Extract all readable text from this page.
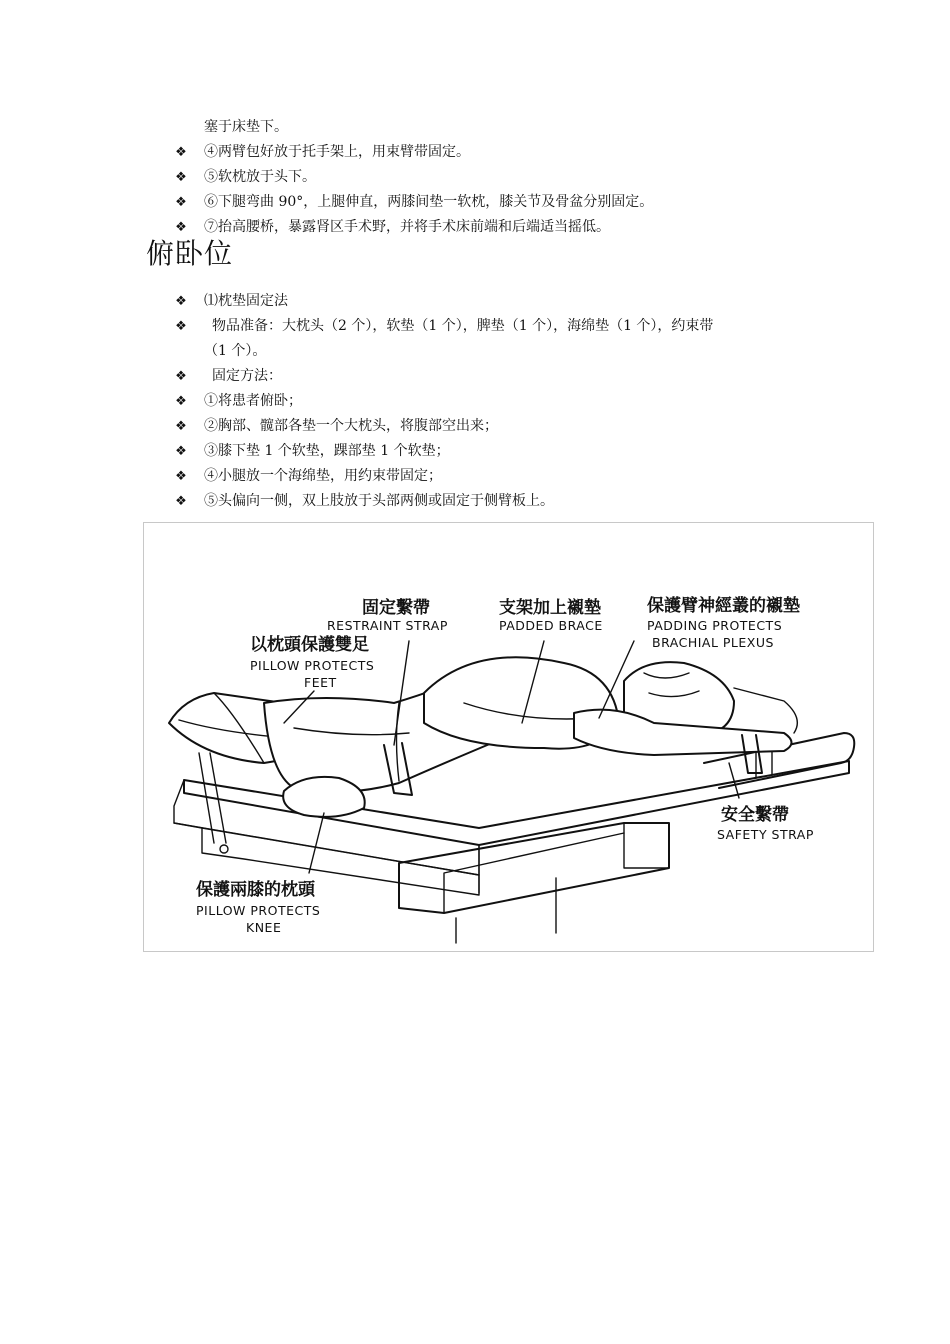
塞于床垫下。
❖ ④两臂包好放于托手架上，用束臂带固定。
❖ ⑤软枕放于头下。
❖ ⑥下腿弯曲 90°，上腿伸直，两膝间垫一软枕，膝关节及骨盆分别固定。
❖ ⑦抬高腰桥，暴露肾区手术野，并将手术床前端和后端适当摇低。
俯卧位
❖ ⑴枕垫固定法
❖ 物品准备：大枕头（2 个），软垫（1 个），脾垫（1 个），海绵垫（1 个），约束带
（1 个）。
❖ 固定方法：
❖ ①将患者俯卧；
❖ ②胸部、髋部各垫一个大枕头，将腹部空出来；
❖ ③膝下垫 1 个软垫，踝部垫 1 个软垫；
❖ ④小腿放一个海绵垫，用约束带固定；
❖ ⑤头偏向一侧，双上肢放于头部两侧或固定于侧臂板上。
固定繫帶
RESTRAINT STRAP
支架加上襯墊
PADDED BRACE
保護臂神經叢的襯墊
PADDING PROTECTS
BRACHIAL PLEXUS
以枕頭保護雙足
PILLOW PROTECTS
FEET
安全繫帶
SAFETY STRAP
保護兩膝的枕頭
PILLOW PROTECTS
KNEE
